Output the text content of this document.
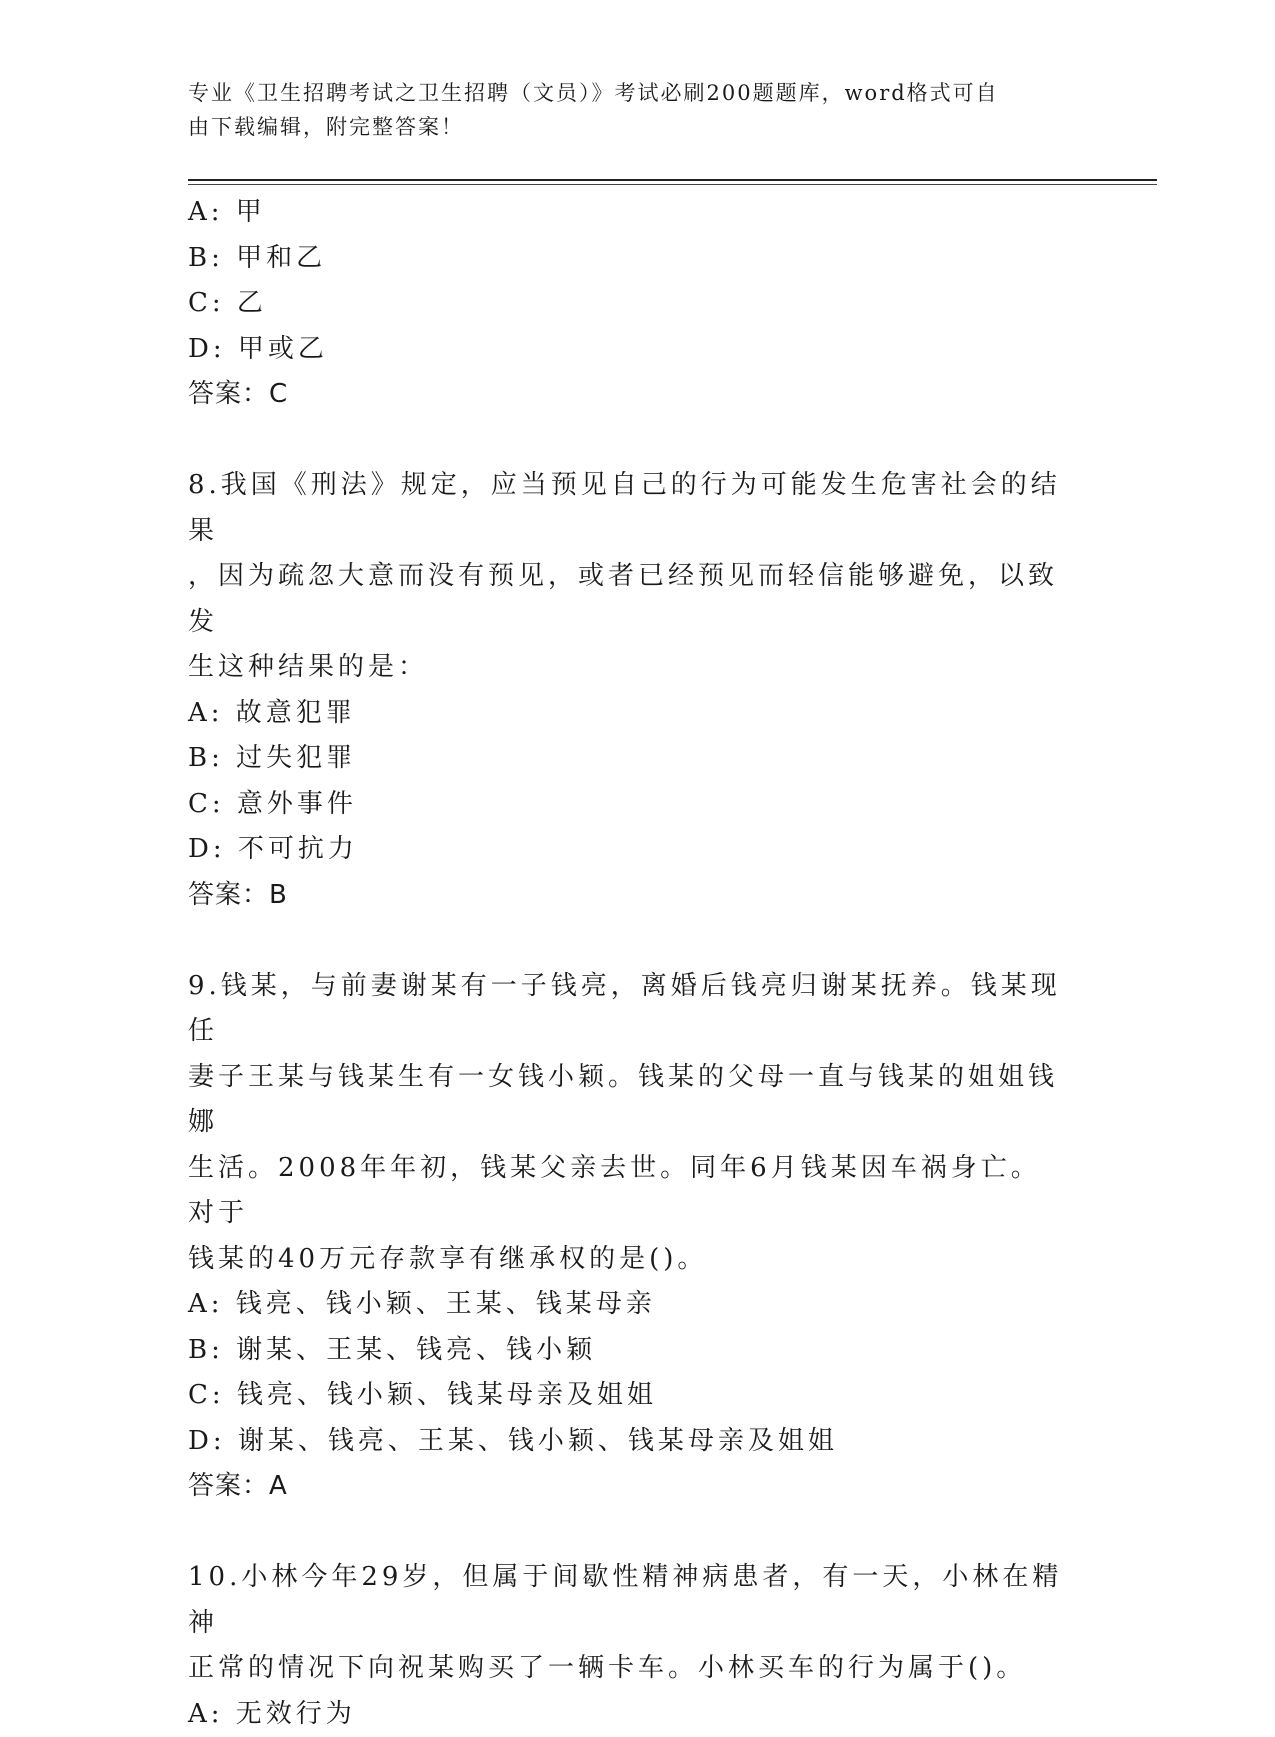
专业《卫生招聘考试之卫生招聘（文员）》考试必刷200题题库，word格式可自
由下载编辑，附完整答案！
A: 甲
B: 甲和乙
C: 乙
D: 甲或乙
答案：C
8.我国《刑法》规定，应当预见自己的行为可能发生危害社会的结果
，因为疏忽大意而没有预见，或者已经预见而轻信能够避免，以致发
生这种结果的是：
A: 故意犯罪
B: 过失犯罪
C: 意外事件
D: 不可抗力
答案：B
9.钱某，与前妻谢某有一子钱亮，离婚后钱亮归谢某抚养。钱某现任
妻子王某与钱某生有一女钱小颖。钱某的父母一直与钱某的姐姐钱娜
生活。2008年年初，钱某父亲去世。同年6月钱某因车祸身亡。对于
钱某的40万元存款享有继承权的是()。
A: 钱亮、钱小颖、王某、钱某母亲
B: 谢某、王某、钱亮、钱小颖
C: 钱亮、钱小颖、钱某母亲及姐姐
D: 谢某、钱亮、王某、钱小颖、钱某母亲及姐姐
答案：A
10.小林今年29岁，但属于间歇性精神病患者，有一天，小林在精神
正常的情况下向祝某购买了一辆卡车。小林买车的行为属于()。
A: 无效行为
